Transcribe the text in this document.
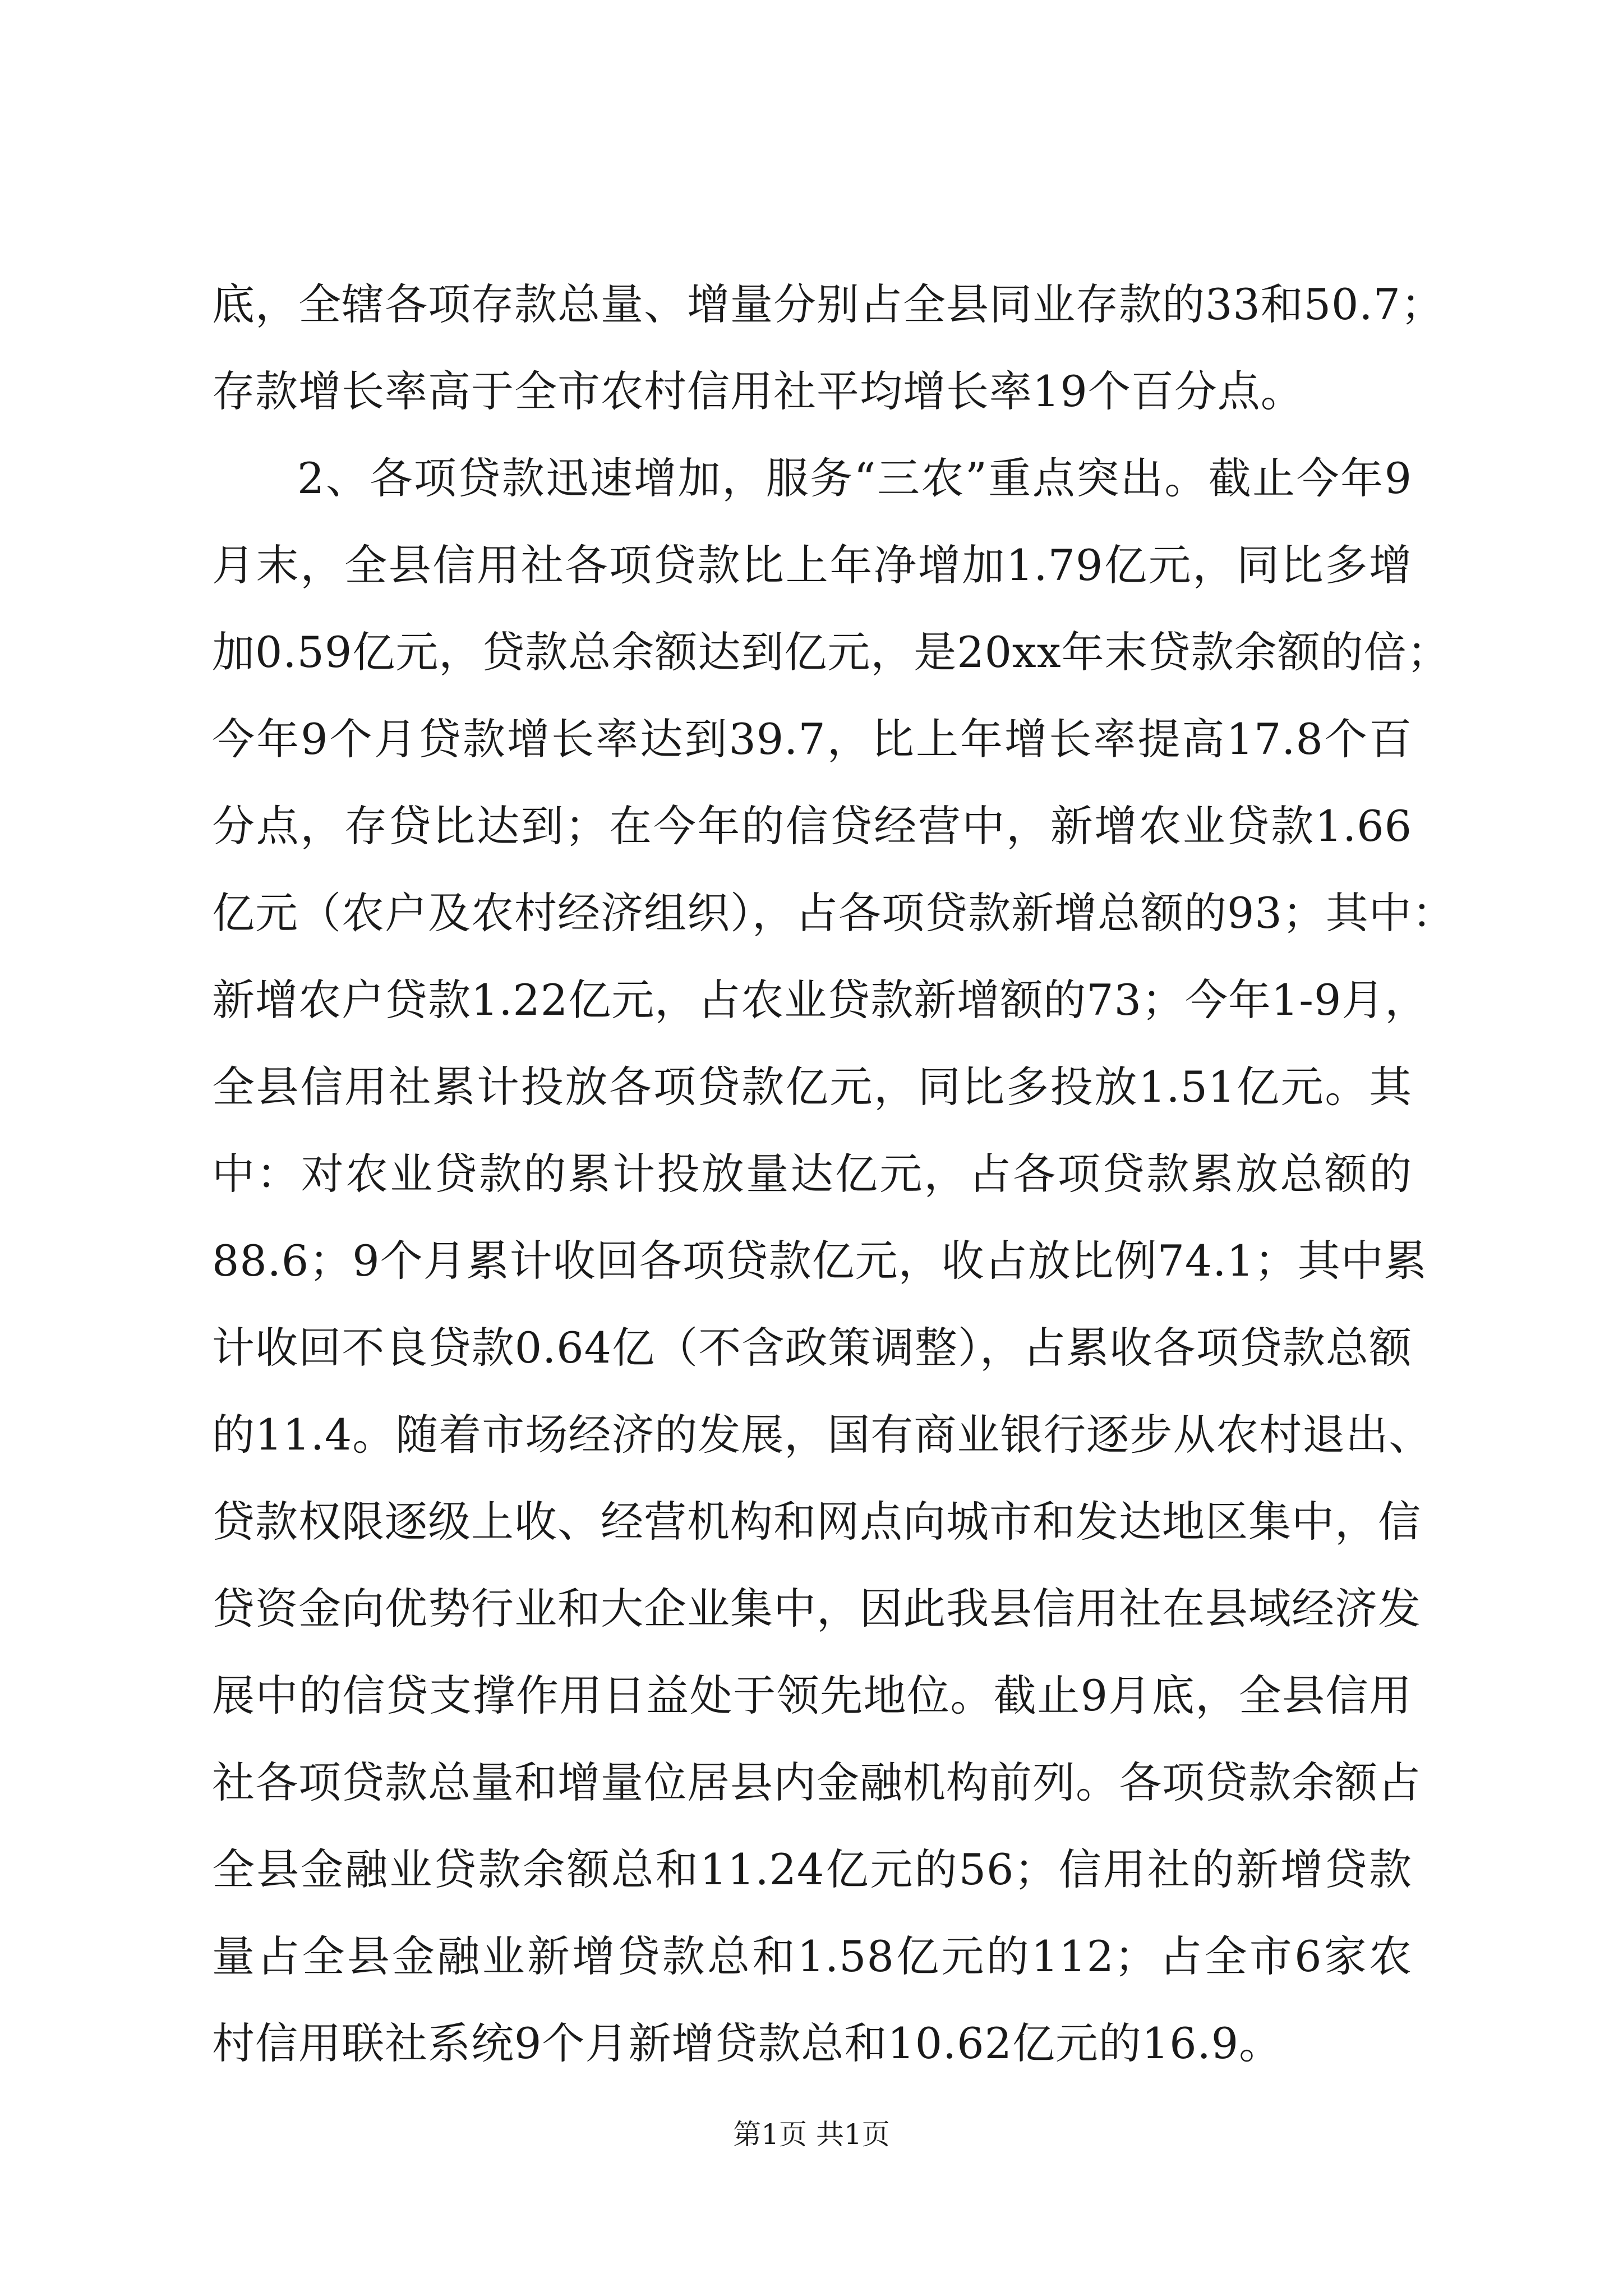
底，全辖各项存款总量、增量分别占全县同业存款的33和50.7；
存款增长率高于全市农村信用社平均增长率19个百分点。
2、各项贷款迅速增加，服务“三农”重点突出。截止今年9
月末，全县信用社各项贷款比上年净增加1.79亿元，同比多增
加0.59亿元，贷款总余额达到亿元，是20xx年末贷款余额的倍；
今年9个月贷款增长率达到39.7，比上年增长率提高17.8个百
分点，存贷比达到；在今年的信贷经营中，新增农业贷款1.66
亿元（农户及农村经济组织），占各项贷款新增总额的93；其中：
新增农户贷款1.22亿元，占农业贷款新增额的73；今年1-9月，
全县信用社累计投放各项贷款亿元，同比多投放1.51亿元。其
中：对农业贷款的累计投放量达亿元，占各项贷款累放总额的
88.6；9个月累计收回各项贷款亿元，收占放比例74.1；其中累
计收回不良贷款0.64亿（不含政策调整），占累收各项贷款总额
的11.4。随着市场经济的发展，国有商业银行逐步从农村退出、
贷款权限逐级上收、经营机构和网点向城市和发达地区集中，信
贷资金向优势行业和大企业集中，因此我县信用社在县域经济发
展中的信贷支撑作用日益处于领先地位。截止9月底，全县信用
社各项贷款总量和增量位居县内金融机构前列。各项贷款余额占
全县金融业贷款余额总和11.24亿元的56；信用社的新增贷款
量占全县金融业新增贷款总和1.58亿元的112；占全市6家农
村信用联社系统9个月新增贷款总和10.62亿元的16.9。
第1页 共1页
